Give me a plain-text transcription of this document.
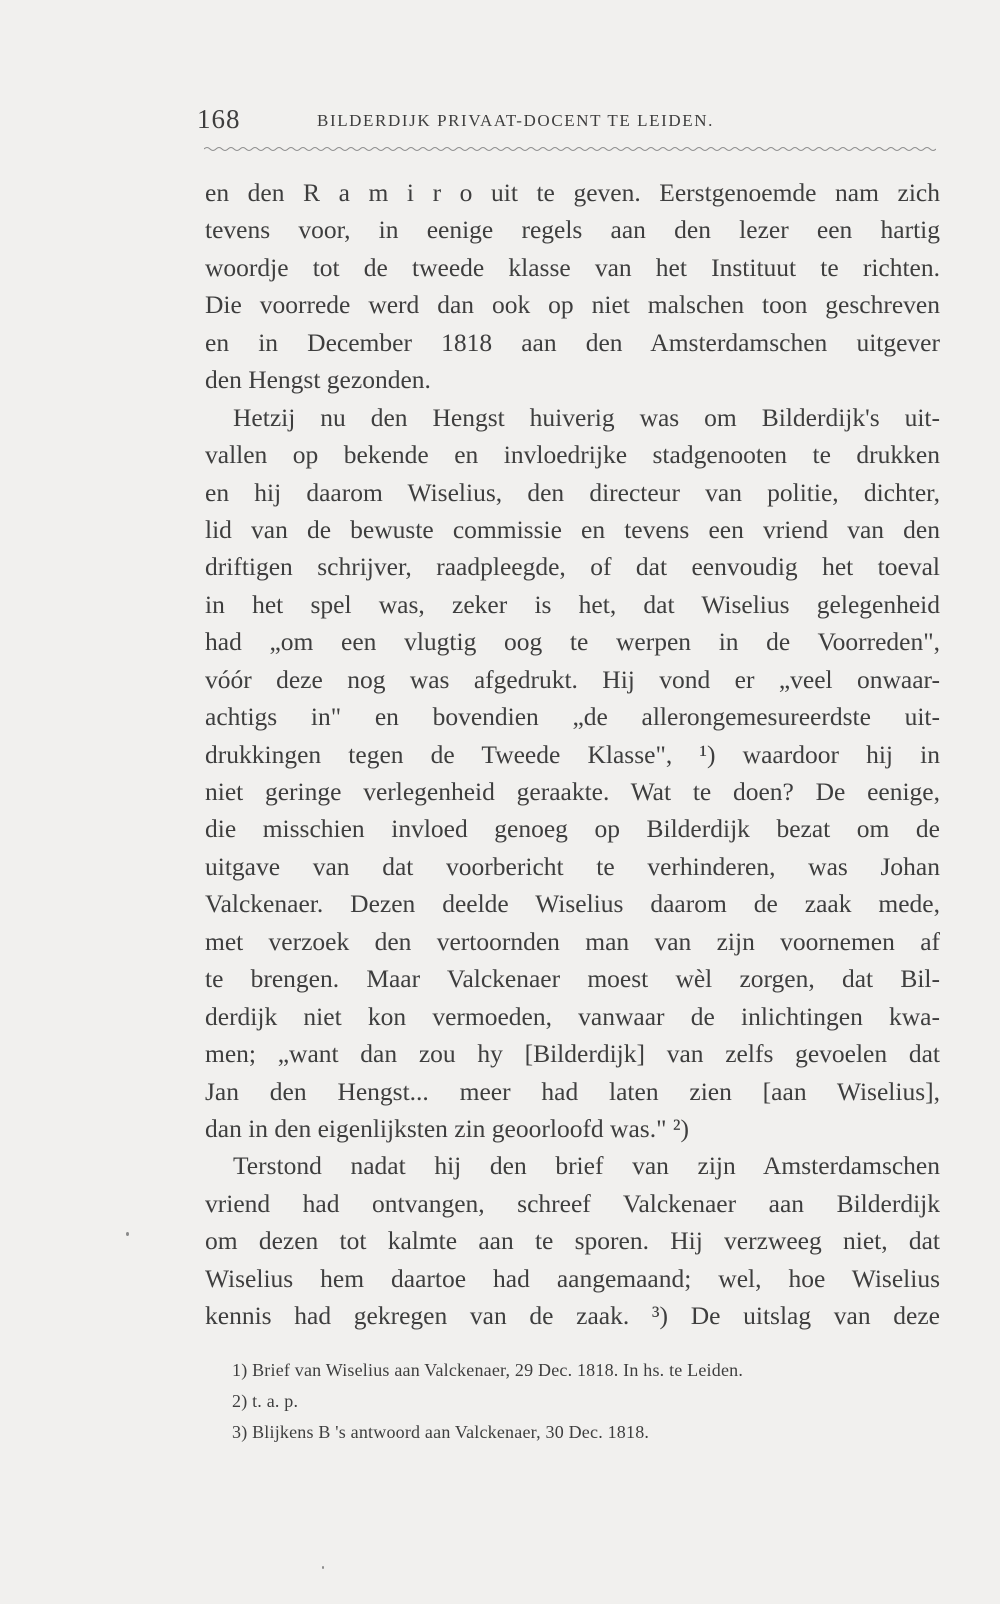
168	BILDERDIJK PRIVAAT-DOCENT TE LEIDEN.
en den R a m i r o uit te geven. Eerstgenoemde nam zich
tevens voor, in eenige regels aan den lezer een hartig
woordje tot de tweede klasse van het Instituut te richten.
Die voorrede werd dan ook op niet malschen toon geschreven
en in December 1818 aan den Amsterdamschen uitgever
den Hengst gezonden.
Hetzij nu den Hengst huiverig was om Bilderdijk's uit-
vallen op bekende en invloedrijke stadgenooten te drukken
en hij daarom Wiselius, den directeur van politie, dichter,
lid van de bewuste commissie en tevens een vriend van den
driftigen schrijver, raadpleegde, of dat eenvoudig het toeval
in het spel was, zeker is het, dat Wiselius gelegenheid
had „om een vlugtig oog te werpen in de Voorreden",
vóór deze nog was afgedrukt. Hij vond er „veel onwaar-
achtigs in" en bovendien „de allerongemesureerdste uit-
drukkingen tegen de Tweede Klasse", ¹) waardoor hij in
niet geringe verlegenheid geraakte. Wat te doen? De eenige,
die misschien invloed genoeg op Bilderdijk bezat om de
uitgave van dat voorbericht te verhinderen, was Johan
Valckenaer. Dezen deelde Wiselius daarom de zaak mede,
met verzoek den vertoornden man van zijn voornemen af
te brengen. Maar Valckenaer moest wèl zorgen, dat Bil-
derdijk niet kon vermoeden, vanwaar de inlichtingen kwa-
men; „want dan zou hy [Bilderdijk] van zelfs gevoelen dat
Jan den Hengst... meer had laten zien [aan Wiselius],
dan in den eigenlijksten zin geoorloofd was." ²)
Terstond nadat hij den brief van zijn Amsterdamschen
vriend had ontvangen, schreef Valckenaer aan Bilderdijk
om dezen tot kalmte aan te sporen. Hij verzweeg niet, dat
Wiselius hem daartoe had aangemaand; wel, hoe Wiselius
kennis had gekregen van de zaak. ³) De uitslag van deze
1) Brief van Wiselius aan Valckenaer, 29 Dec. 1818. In hs. te Leiden.
2) t. a. p.
3) Blijkens B 's antwoord aan Valckenaer, 30 Dec. 1818.
